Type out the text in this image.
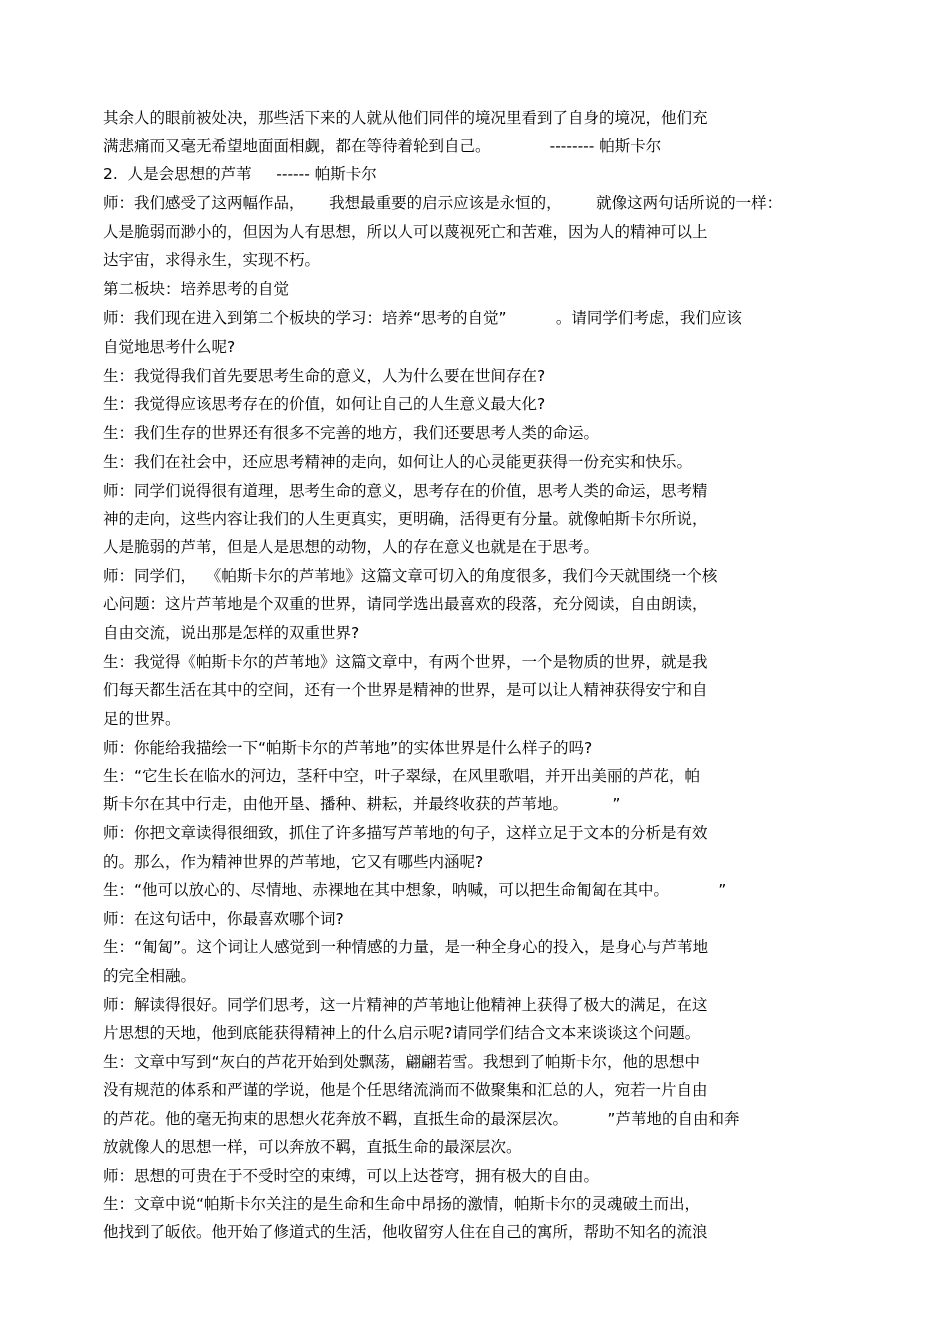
其余人的眼前被处决，那些活下来的人就从他们同伴的境况里看到了自身的境况，他们充

满悲痛而又毫无希望地面面相觑，都在等待着轮到自己。            -------- 帕斯卡尔

2.  人是会思想的芦苇     ------ 帕斯卡尔

师：我们感受了这两幅作品，     我想最重要的启示应该是永恒的，       就像这两句话所说的一样：

人是脆弱而渺小的，但因为人有思想，所以人可以蔑视死亡和苦难，因为人的精神可以上

达宇宙，求得永生，实现不朽。

第二板块：培养思考的自觉

师：我们现在进入到第二个板块的学习：培养“思考的自觉”          。请同学们考虑，我们应该

自觉地思考什么呢?

生：我觉得我们首先要思考生命的意义，人为什么要在世间存在?

生：我觉得应该思考存在的价值，如何让自己的人生意义最大化?

生：我们生存的世界还有很多不完善的地方，我们还要思考人类的命运。

生：我们在社会中，还应思考精神的走向，如何让人的心灵能更获得一份充实和快乐。

师：同学们说得很有道理，思考生命的意义，思考存在的价值，思考人类的命运，思考精

神的走向，这些内容让我们的人生更真实，更明确，活得更有分量。就像帕斯卡尔所说，

人是脆弱的芦苇，但是人是思想的动物，人的存在意义也就是在于思考。

师：同学们，  《帕斯卡尔的芦苇地》这篇文章可切入的角度很多，我们今天就围绕一个核

心问题：这片芦苇地是个双重的世界，请同学选出最喜欢的段落，充分阅读，自由朗读，

自由交流，说出那是怎样的双重世界?

生：我觉得《帕斯卡尔的芦苇地》这篇文章中，有两个世界，一个是物质的世界，就是我

们每天都生活在其中的空间，还有一个世界是精神的世界，是可以让人精神获得安宁和自

足的世界。

师：你能给我描绘一下“帕斯卡尔的芦苇地”的实体世界是什么样子的吗?

生：“它生长在临水的河边，茎秆中空，叶子翠绿，在风里歌唱，并开出美丽的芦花，帕

斯卡尔在其中行走，由他开垦、播种、耕耘，并最终收获的芦苇地。         ”

师：你把文章读得很细致，抓住了许多描写芦苇地的句子，这样立足于文本的分析是有效

的。那么，作为精神世界的芦苇地，它又有哪些内涵呢?

生：“他可以放心的、尽情地、赤裸地在其中想象，呐喊，可以把生命匍匐在其中。          ”

师：在这句话中，你最喜欢哪个词?

生：“匍匐”。这个词让人感觉到一种情感的力量，是一种全身心的投入，是身心与芦苇地

的完全相融。

师：解读得很好。同学们思考，这一片精神的芦苇地让他精神上获得了极大的满足，在这

片思想的天地，他到底能获得精神上的什么启示呢?请同学们结合文本来谈谈这个问题。

生：文章中写到“灰白的芦花开始到处飘荡，翩翩若雪。我想到了帕斯卡尔，他的思想中

没有规范的体系和严谨的学说，他是个任思绪流淌而不做聚集和汇总的人，宛若一片自由

的芦花。他的毫无拘束的思想火花奔放不羁，直抵生命的最深层次。        ”芦苇地的自由和奔

放就像人的思想一样，可以奔放不羁，直抵生命的最深层次。

师：思想的可贵在于不受时空的束缚，可以上达苍穹，拥有极大的自由。

生：文章中说“帕斯卡尔关注的是生命和生命中昂扬的激情，帕斯卡尔的灵魂破土而出，

他找到了皈依。他开始了修道式的生活，他收留穷人住在自己的寓所，帮助不知名的流浪
